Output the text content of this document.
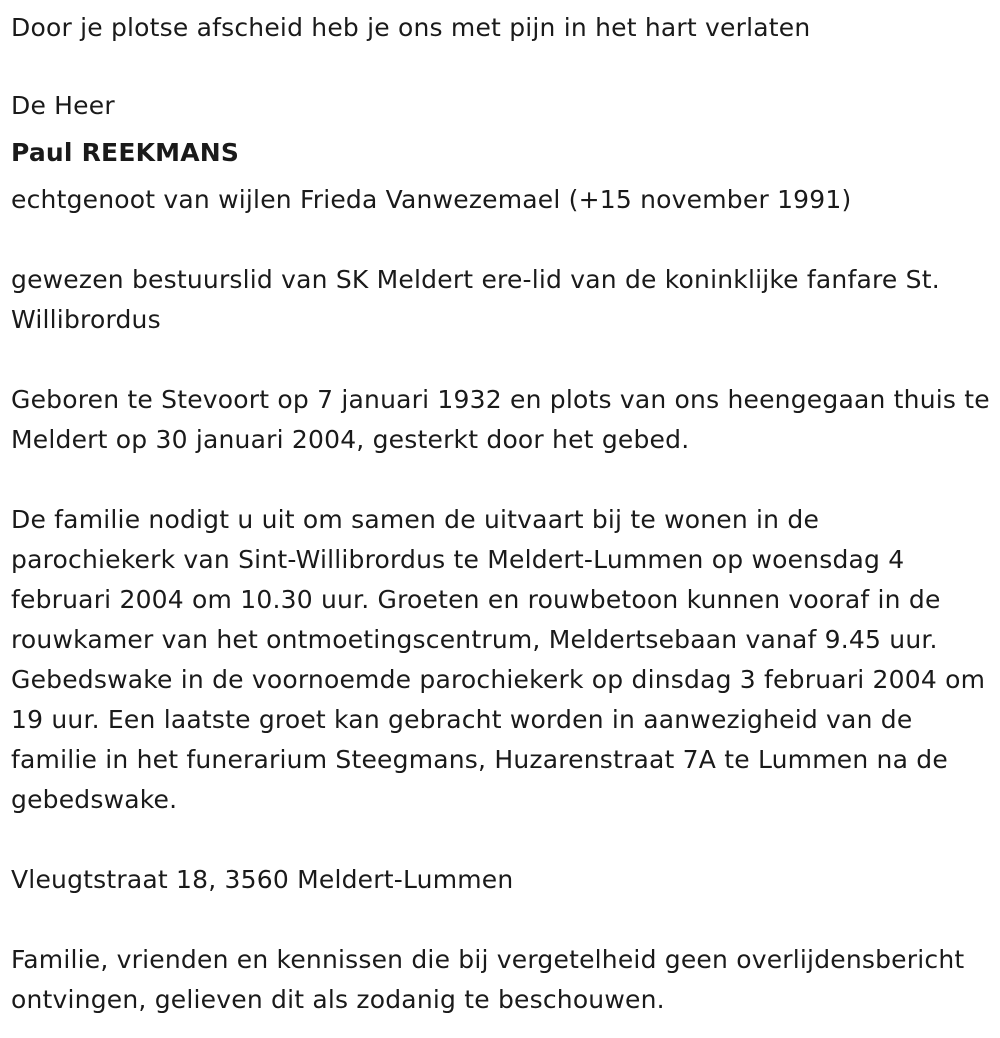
Door je plotse afscheid heb je ons met pijn in het hart verlaten
De Heer
Paul REEKMANS
echtgenoot van wijlen Frieda Vanwezemael (+15 november 1991)
gewezen bestuurslid van SK Meldert ere-lid van de koninklijke fanfare St. Willibrordus
Geboren te Stevoort op 7 januari 1932 en plots van ons heengegaan thuis te Meldert op 30 januari 2004, gesterkt door het gebed.
De familie nodigt u uit om samen de uitvaart bij te wonen in de parochiekerk van Sint-Willibrordus te Meldert-Lummen op woensdag 4 februari 2004 om 10.30 uur. Groeten en rouwbetoon kunnen vooraf in de rouwkamer van het ontmoetingscentrum, Meldertsebaan vanaf 9.45 uur. Gebedswake in de voornoemde parochiekerk op dinsdag 3 februari 2004 om 19 uur. Een laatste groet kan gebracht worden in aanwezigheid van de familie in het funerarium Steegmans, Huzarenstraat 7A te Lummen na de gebedswake.
Vleugtstraat 18, 3560 Meldert-Lummen
Familie, vrienden en kennissen die bij vergetelheid geen overlijdensbericht ontvingen, gelieven dit als zodanig te beschouwen.
